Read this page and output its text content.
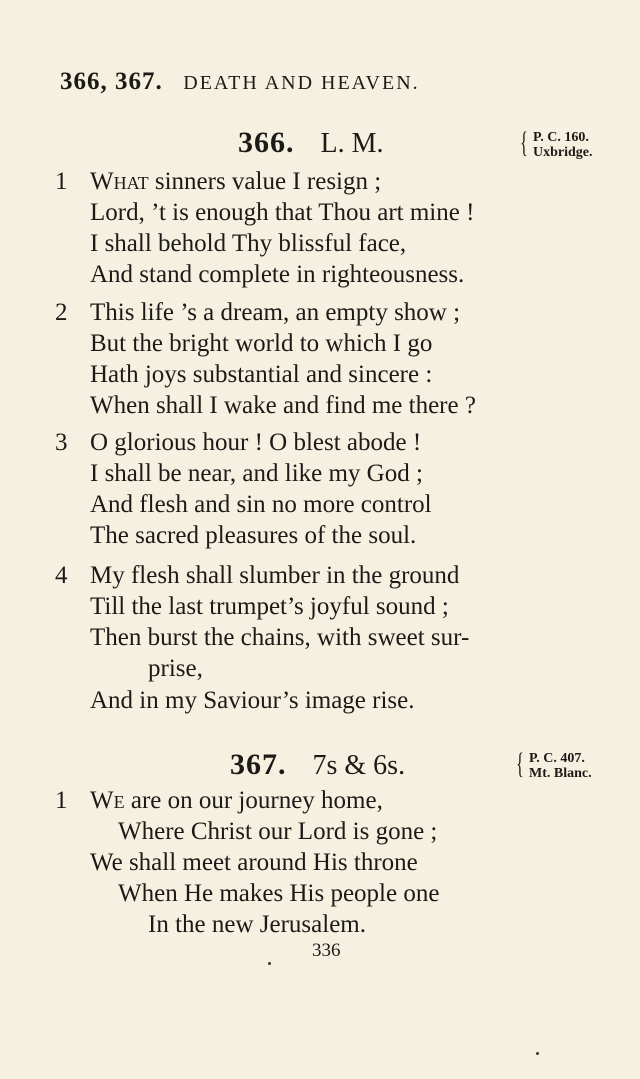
366, 367. DEATH AND HEAVEN.
366. L. M.	{ P. C. 160.
Uxbridge.
1 What sinners value I resign ;
Lord, ’t is enough that Thou art mine !
I shall behold Thy blissful face,
And stand complete in righteousness.
2 This life ’s a dream, an empty show ;
But the bright world to which I go
Hath joys substantial and sincere :
When shall I wake and find me there ?
3 O glorious hour ! O blest abode !
I shall be near, and like my God ;
And flesh and sin no more control
The sacred pleasures of the soul.
4 My flesh shall slumber in the ground
Till the last trumpet’s joyful sound ;
Then burst the chains, with sweet sur-
prise,
And in my Saviour’s image rise.
367. 7s & 6s.	{ P. C. 407.
Mt. Blanc.
1 We are on our journey home,
Where Christ our Lord is gone ;
We shall meet around His throne
When He makes His people one
In the new Jerusalem.
336
